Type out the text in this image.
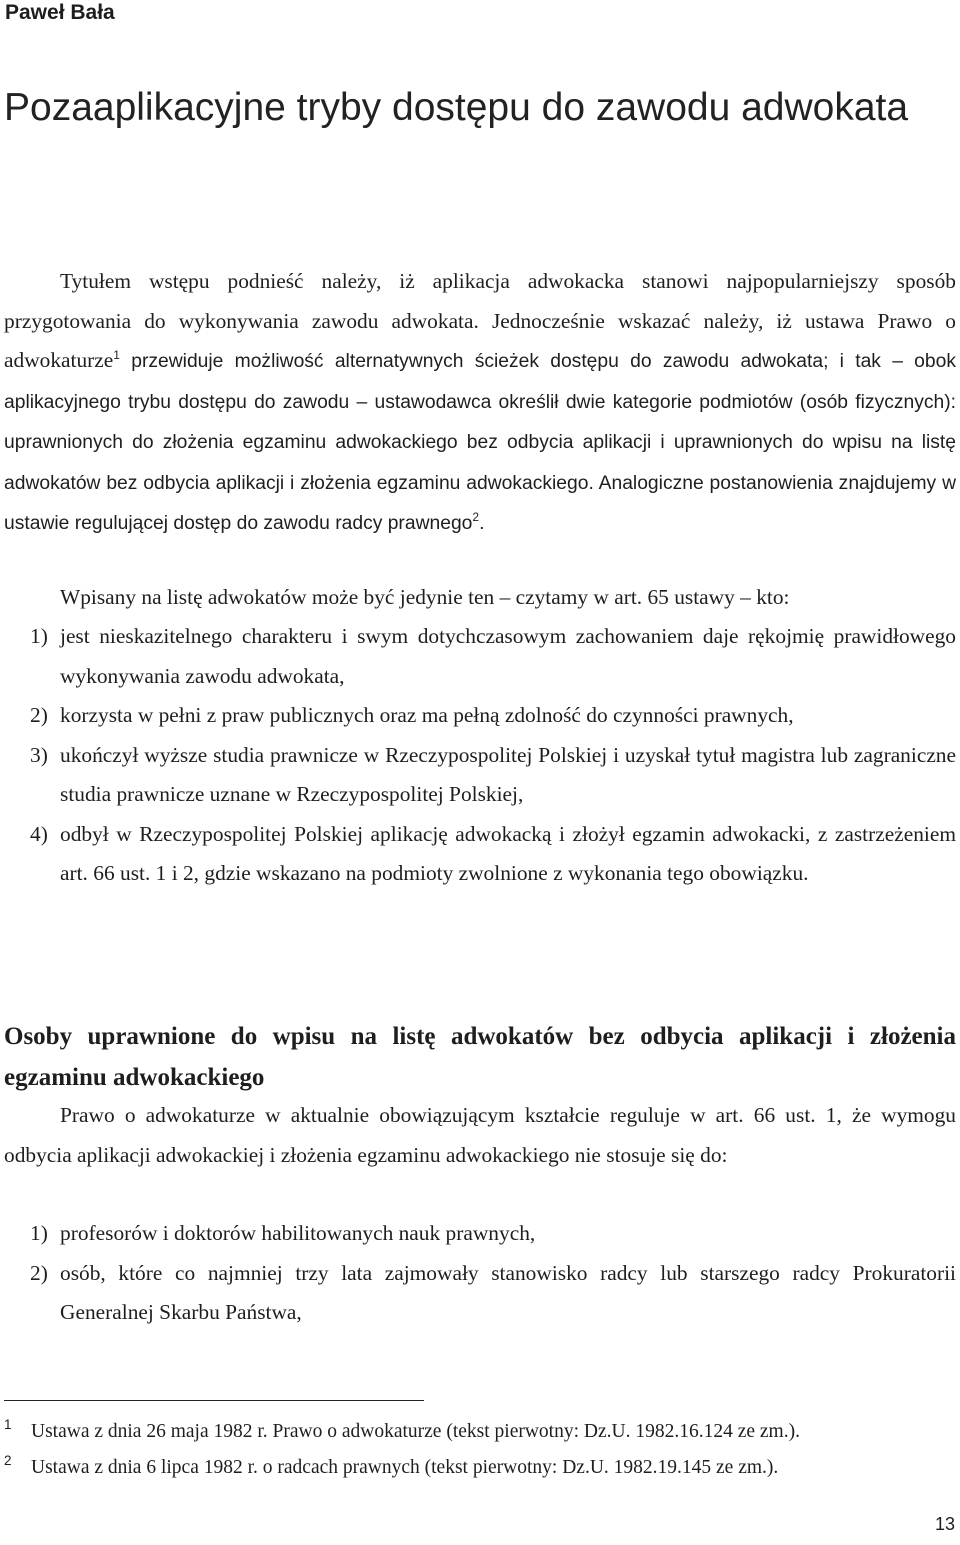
Paweł Bała

Pozaaplikacyjne tryby dostępu do zawodu adwokata

Tytułem wstępu podnieść należy, iż aplikacja adwokacka stanowi najpopularniejszy sposób przygotowania do wykonywania zawodu adwokata. Jednocześnie wskazać należy, iż ustawa Prawo o adwokaturze$^1$ przewiduje możliwość alternatywnych ścieżek dostępu do zawodu adwokata; i tak – obok aplikacyjnego trybu dostępu do zawodu – ustawodawca określił dwie kategorie podmiotów (osób fizycznych): uprawnionych do złożenia egzaminu adwokackiego bez odbycia aplikacji i uprawnionych do wpisu na listę adwokatów bez odbycia aplikacji i złożenia egzaminu adwokackiego. Analogiczne postanowienia znajdujemy w ustawie regulującej dostęp do zawodu radcy prawnego$^2$.

Wpisany na listę adwokatów może być jedynie ten – czytamy w art. 65 ustawy – kto:

1) jest nieskazitelnego charakteru i swym dotychczasowym zachowaniem daje rękojmię prawidłowego wykonywania zawodu adwokata,
2) korzysta w pełni z praw publicznych oraz ma pełną zdolność do czynności prawnych,
3) ukończył wyższe studia prawnicze w Rzeczypospolitej Polskiej i uzyskał tytuł magistra lub zagraniczne studia prawnicze uznane w Rzeczypospolitej Polskiej,
4) odbył w Rzeczypospolitej Polskiej aplikację adwokacką i złożył egzamin adwokacki, z zastrzeżeniem art. 66 ust. 1 i 2, gdzie wskazano na podmioty zwolnione z wykonania tego obowiązku.
Osoby uprawnione do wpisu na listę adwokatów bez odbycia aplikacji i złożenia egzaminu adwokackiego

Prawo o adwokaturze w aktualnie obowiązującym kształcie reguluje w art. 66 ust. 1, że wymogu odbycia aplikacji adwokackiej i złożenia egzaminu adwokackiego nie stosuje się do:

1) profesorów i doktorów habilitowanych nauk prawnych,
2) osób, które co najmniej trzy lata zajmowały stanowisko radcy lub starszego radcy Prokuratorii Generalnej Skarbu Państwa,
1 Ustawa z dnia 26 maja 1982 r. Prawo o adwokaturze (tekst pierwotny: Dz.U. 1982.16.124 ze zm.).
2 Ustawa z dnia 6 lipca 1982 r. o radcach prawnych (tekst pierwotny: Dz.U. 1982.19.145 ze zm.).
13
